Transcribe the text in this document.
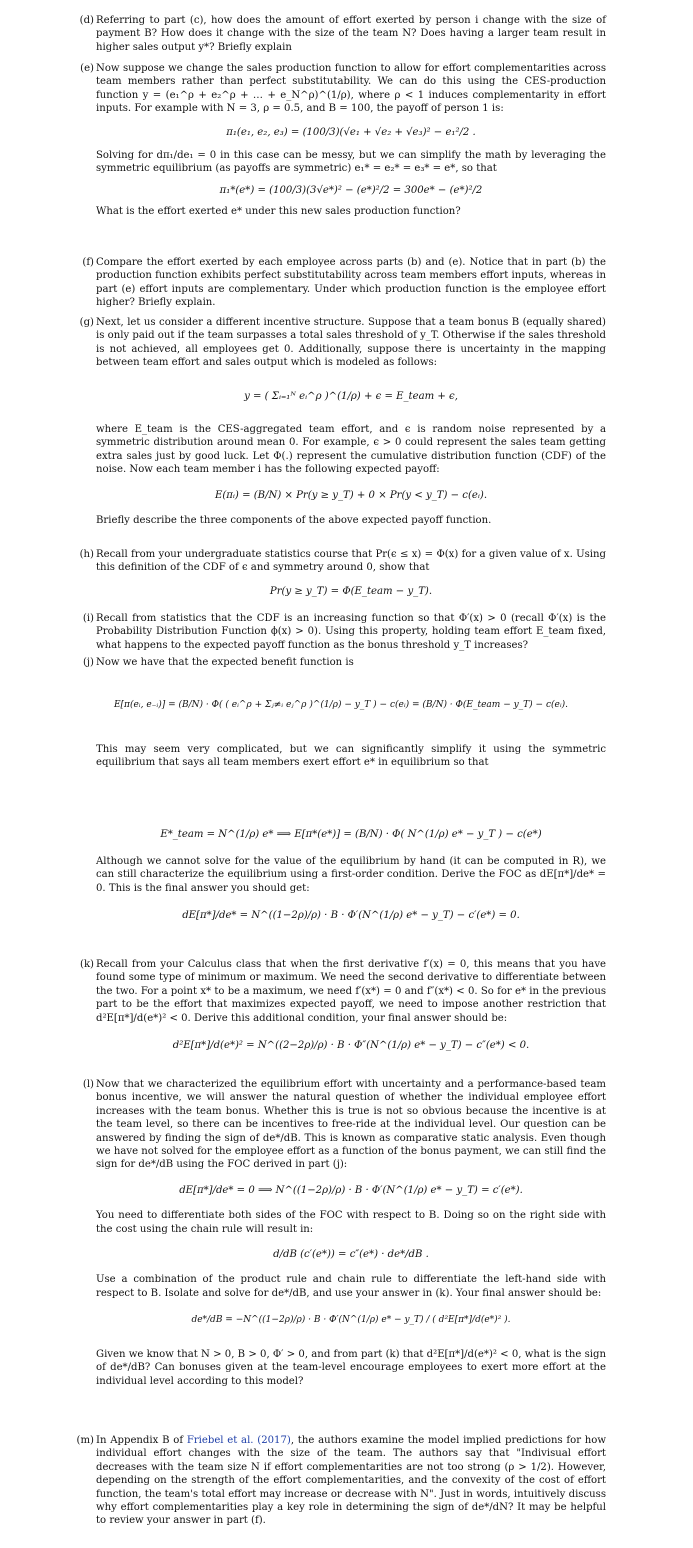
(d) Referring to part (c), how does the amount of effort exerted by person i change with the size of payment B? How does it change with the size of the team N? Does having a larger team result in higher sales output y*? Briefly explain

(e) Now suppose we change the sales production function to allow for effort complementarities across team members rather than perfect substitutability. We can do this using the CES-production function y = (e₁^ρ + e₂^ρ + … + e_N^ρ)^(1/ρ), where ρ < 1 induces complementarity in effort inputs. For example with N = 3, ρ = 0.5, and B = 100, the payoff of person 1 is:

π₁(e₁, e₂, e₃) = (100/3)(√e₁ + √e₂ + √e₃)² − e₁²/2 .

Solving for dπ₁/de₁ = 0 in this case can be messy, but we can simplify the math by leveraging the symmetric equilibrium (as payoffs are symmetric) e₁* = e₂* = e₃* = e*, so that

π₁*(e*) = (100/3)(3√e*)² − (e*)²/2 = 300e* − (e*)²/2

What is the effort exerted e* under this new sales production function?

(f) Compare the effort exerted by each employee across parts (b) and (e). Notice that in part (b) the production function exhibits perfect substitutability across team members effort inputs, whereas in part (e) effort inputs are complementary. Under which production function is the employee effort higher? Briefly explain.

(g) Next, let us consider a different incentive structure. Suppose that a team bonus B (equally shared) is only paid out if the team surpasses a total sales threshold of y_T. Otherwise if the sales threshold is not achieved, all employees get 0. Additionally, suppose there is uncertainty in the mapping between team effort and sales output which is modeled as follows:

y = ( Σᵢ₌₁ᴺ eᵢ^ρ )^(1/ρ) + ϵ = E_team + ϵ,

where E_team is the CES-aggregated team effort, and ϵ is random noise represented by a symmetric distribution around mean 0. For example, ϵ > 0 could represent the sales team getting extra sales just by good luck. Let Φ(.) represent the cumulative distribution function (CDF) of the noise. Now each team member i has the following expected payoff:

E(πᵢ) = (B/N) × Pr(y ≥ y_T) + 0 × Pr(y < y_T) − c(eᵢ).

Briefly describe the three components of the above expected payoff function.

(h) Recall from your undergraduate statistics course that Pr(ϵ ≤ x) = Φ(x) for a given value of x. Using this definition of the CDF of ϵ and symmetry around 0, show that

Pr(y ≥ y_T) = Φ(E_team − y_T).

(i) Recall from statistics that the CDF is an increasing function so that Φ′(x) > 0 (recall Φ′(x) is the Probability Distribution Function ϕ(x) > 0). Using this property, holding team effort E_team fixed, what happens to the expected payoff function as the bonus threshold y_T increases?

(j) Now we have that the expected benefit function is

E[π(eᵢ, e₋ᵢ)] = (B/N) · Φ( ( eᵢ^ρ + Σⱼ≠ᵢ eⱼ^ρ )^(1/ρ) − y_T ) − c(eᵢ) = (B/N) · Φ(E_team − y_T) − c(eᵢ).

This may seem very complicated, but we can significantly simplify it using the symmetric equilibrium that says all team members exert effort e* in equilibrium so that

E*_team = N^(1/ρ) e* ⟹ E[π*(e*)] = (B/N) · Φ( N^(1/ρ) e* − y_T ) − c(e*)

Although we cannot solve for the value of the equilibrium by hand (it can be computed in R), we can still characterize the equilibrium using a first-order condition. Derive the FOC as dE[π*]/de* = 0. This is the final answer you should get:

dE[π*]/de* = N^((1−2ρ)/ρ) · B · Φ′(N^(1/ρ) e* − y_T) − c′(e*) = 0.

(k) Recall from your Calculus class that when the first derivative f′(x) = 0, this means that you have found some type of minimum or maximum. We need the second derivative to differentiate between the two. For a point x* to be a maximum, we need f′(x*) = 0 and f″(x*) < 0. So for e* in the previous part to be the effort that maximizes expected payoff, we need to impose another restriction that d²E[π*]/d(e*)² < 0. Derive this additional condition, your final answer should be:

d²E[π*]/d(e*)² = N^((2−2ρ)/ρ) · B · Φ″(N^(1/ρ) e* − y_T) − c″(e*) < 0.

(l) Now that we characterized the equilibrium effort with uncertainty and a performance-based team bonus incentive, we will answer the natural question of whether the individual employee effort increases with the team bonus. Whether this is true is not so obvious because the incentive is at the team level, so there can be incentives to free-ride at the individual level. Our question can be answered by finding the sign of de*/dB. This is known as comparative static analysis. Even though we have not solved for the employee effort as a function of the bonus payment, we can still find the sign for de*/dB using the FOC derived in part (j):

dE[π*]/de* = 0 ⟹ N^((1−2ρ)/ρ) · B · Φ′(N^(1/ρ) e* − y_T) = c′(e*).

You need to differentiate both sides of the FOC with respect to B. Doing so on the right side with the cost using the chain rule will result in:

d/dB (c′(e*)) = c″(e*) · de*/dB .

Use a combination of the product rule and chain rule to differentiate the left-hand side with respect to B. Isolate and solve for de*/dB, and use your answer in (k). Your final answer should be:

de*/dB = −N^((1−2ρ)/ρ) · B · Φ′(N^(1/ρ) e* − y_T) / ( d²E[π*]/d(e*)² ).

Given we know that N > 0, B > 0, Φ′ > 0, and from part (k) that d²E[π*]/d(e*)² < 0, what is the sign of de*/dB? Can bonuses given at the team-level encourage employees to exert more effort at the individual level according to this model?

(m) In Appendix B of Friebel et al. (2017), the authors examine the model implied predictions for how individual effort changes with the size of the team. The authors say that "Indivisual effort decreases with the team size N if effort complementarities are not too strong (ρ > 1/2). However, depending on the strength of the effort complementarities, and the convexity of the cost of effort function, the team's total effort may increase or decrease with N". Just in words, intuitively discuss why effort complementarities play a key role in determining the sign of de*/dN? It may be helpful to review your answer in part (f).
